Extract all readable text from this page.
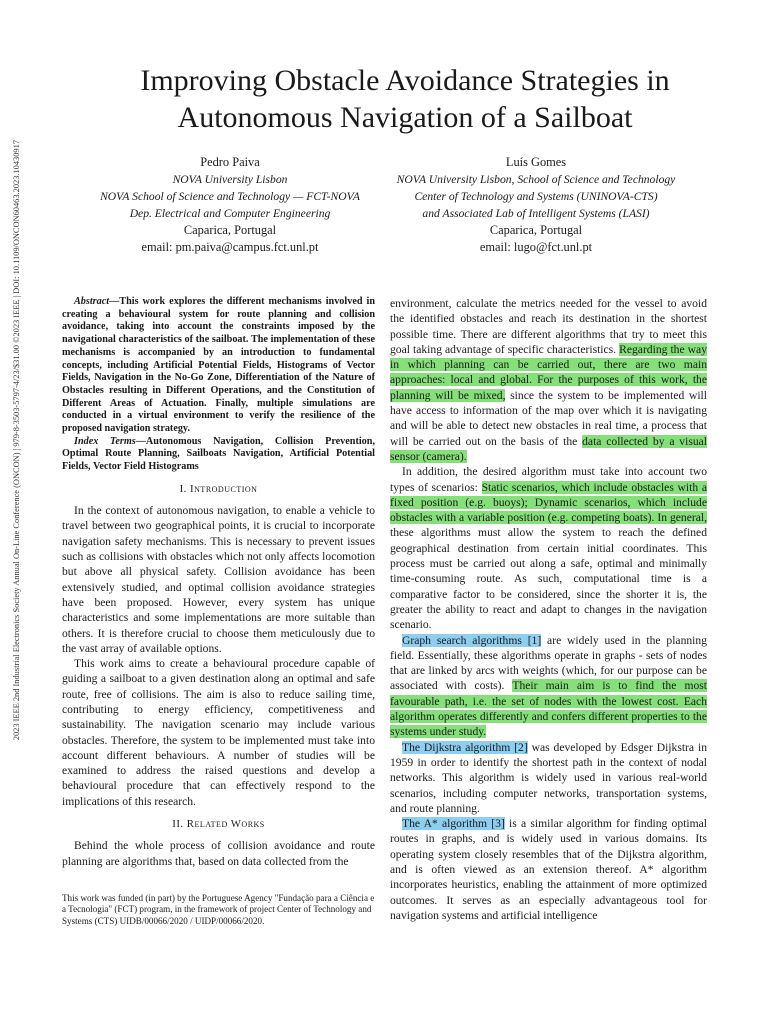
2023 IEEE 2nd Industrial Electronics Society Annual On-Line Conference (ONCON) | 979-8-3503-5797-4/23/$31.00 ©2023 IEEE | DOI: 10.1109/ONCON60463.2023.10430917
Improving Obstacle Avoidance Strategies in
Autonomous Navigation of a Sailboat
Pedro Paiva
NOVA University Lisbon
NOVA School of Science and Technology — FCT-NOVA
Dep. Electrical and Computer Engineering
Caparica, Portugal
email: pm.paiva@campus.fct.unl.pt
Luís Gomes
NOVA University Lisbon, School of Science and Technology
Center of Technology and Systems (UNINOVA-CTS)
and Associated Lab of Intelligent Systems (LASI)
Caparica, Portugal
email: lugo@fct.unl.pt

Abstract—This work explores the different mechanisms involved in creating a behavioural system for route planning and collision avoidance, taking into account the constraints imposed by the navigational characteristics of the sailboat. The implementation of these mechanisms is accompanied by an introduction to fundamental concepts, including Artificial Potential Fields, Histograms of Vector Fields, Navigation in the No-Go Zone, Differentiation of the Nature of Obstacles resulting in Different Operations, and the Constitution of Different Areas of Actuation. Finally, multiple simulations are conducted in a virtual environment to verify the resilience of the proposed navigation strategy.

Index Terms—Autonomous Navigation, Collision Prevention, Optimal Route Planning, Sailboats Navigation, Artificial Potential Fields, Vector Field Histograms

I. Introduction

In the context of autonomous navigation, to enable a vehicle to travel between two geographical points, it is crucial to incorporate navigation safety mechanisms. This is necessary to prevent issues such as collisions with obstacles which not only affects locomotion but above all physical safety. Collision avoidance has been extensively studied, and optimal collision avoidance strategies have been proposed. However, every system has unique characteristics and some implementations are more suitable than others. It is therefore crucial to choose them meticulously due to the vast array of available options.

This work aims to create a behavioural procedure capable of guiding a sailboat to a given destination along an optimal and safe route, free of collisions. The aim is also to reduce sailing time, contributing to energy efficiency, competitiveness and sustainability. The navigation scenario may include various obstacles. Therefore, the system to be implemented must take into account different behaviours. A number of studies will be examined to address the raised questions and develop a behavioural procedure that can effectively respond to the implications of this research.

II. Related Works

Behind the whole process of collision avoidance and route planning are algorithms that, based on data collected from the

This work was funded (in part) by the Portuguese Agency "Fundação para a Ciência e a Tecnologia" (FCT) program, in the framework of project Center of Technology and Systems (CTS) UIDB/00066/2020 / UIDP/00066/2020.

environment, calculate the metrics needed for the vessel to avoid the identified obstacles and reach its destination in the shortest possible time. There are different algorithms that try to meet this goal taking advantage of specific characteristics. Regarding the way in which planning can be carried out, there are two main approaches: local and global. For the purposes of this work, the planning will be mixed, since the system to be implemented will have access to information of the map over which it is navigating and will be able to detect new obstacles in real time, a process that will be carried out on the basis of the data collected by a visual sensor (camera).

In addition, the desired algorithm must take into account two types of scenarios: Static scenarios, which include obstacles with a fixed position (e.g. buoys); Dynamic scenarios, which include obstacles with a variable position (e.g. competing boats). In general, these algorithms must allow the system to reach the defined geographical destination from certain initial coordinates. This process must be carried out along a safe, optimal and minimally time-consuming route. As such, computational time is a comparative factor to be considered, since the shorter it is, the greater the ability to react and adapt to changes in the navigation scenario.

Graph search algorithms [1] are widely used in the planning field. Essentially, these algorithms operate in graphs - sets of nodes that are linked by arcs with weights (which, for our purpose can be associated with costs). Their main aim is to find the most favourable path, i.e. the set of nodes with the lowest cost. Each algorithm operates differently and confers different properties to the systems under study.

The Dijkstra algorithm [2] was developed by Edsger Dijkstra in 1959 in order to identify the shortest path in the context of nodal networks. This algorithm is widely used in various real-world scenarios, including computer networks, transportation systems, and route planning.

The A* algorithm [3] is a similar algorithm for finding optimal routes in graphs, and is widely used in various domains. Its operating system closely resembles that of the Dijkstra algorithm, and is often viewed as an extension thereof. A* algorithm incorporates heuristics, enabling the attainment of more optimized outcomes. It serves as an especially advantageous tool for navigation systems and artificial intelligence
